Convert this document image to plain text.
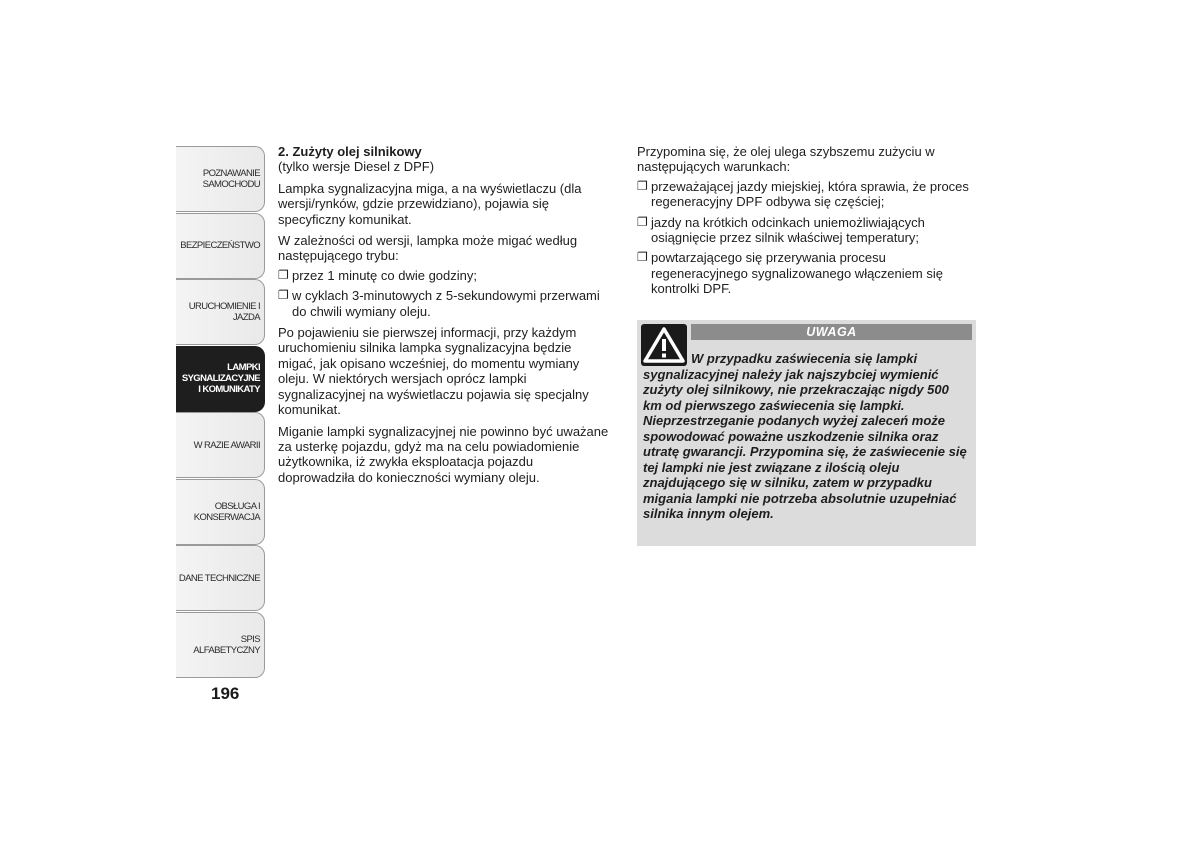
POZNAWANIE
SAMOCHODU
BEZPIECZEŃSTWO
URUCHOMIENIE I
JAZDA
LAMPKI
SYGNALIZACYJNE
I KOMUNIKATY
W RAZIE AWARII
OBSŁUGA I
KONSERWACJA
DANE TECHNICZNE
SPIS ALFABETYCZNY
196

2. Zużyty olej silnikowy
(tylko wersje Diesel z DPF)

Lampka sygnalizacyjna miga, a na wyświetlaczu (dla wersji/rynków, gdzie przewidziano), pojawia się specyficzny komunikat.

W zależności od wersji, lampka może migać według następującego trybu:

❐ przez 1 minutę co dwie godziny;
❐ w cyklach 3-minutowych z 5-sekundowymi przerwami do chwili wymiany oleju.

Po pojawieniu sie pierwszej informacji, przy każdym uruchomieniu silnika lampka sygnalizacyjna będzie migać, jak opisano wcześniej, do momentu wymiany oleju. W niektórych wersjach oprócz lampki sygnalizacyjnej na wyświetlaczu pojawia się specjalny komunikat.

Miganie lampki sygnalizacyjnej nie powinno być uważane za usterkę pojazdu, gdyż ma na celu powiadomienie użytkownika, iż zwykła eksploatacja pojazdu doprowadziła do konieczności wymiany oleju.

Przypomina się, że olej ulega szybszemu zużyciu w następujących warunkach:

❐ przeważającej jazdy miejskiej, która sprawia, że proces regeneracyjny DPF odbywa się częściej;
❐ jazdy na krótkich odcinkach uniemożliwiających osiągnięcie przez silnik właściwej temperatury;
❐ powtarzającego się przerywania procesu regeneracyjnego sygnalizowanego włączeniem się kontrolki DPF.
UWAGA
W przypadku zaświecenia się lampki sygnalizacyjnej należy jak najszybciej wymienić zużyty olej silnikowy, nie przekraczając nigdy 500 km od pierwszego zaświecenia się lampki. Nieprzestrzeganie podanych wyżej zaleceń może spowodować poważne uszkodzenie silnika oraz utratę gwarancji. Przypomina się, że zaświecenie się tej lampki nie jest związane z ilością oleju znajdującego się w silniku, zatem w przypadku migania lampki nie potrzeba absolutnie uzupełniać silnika innym olejem.
